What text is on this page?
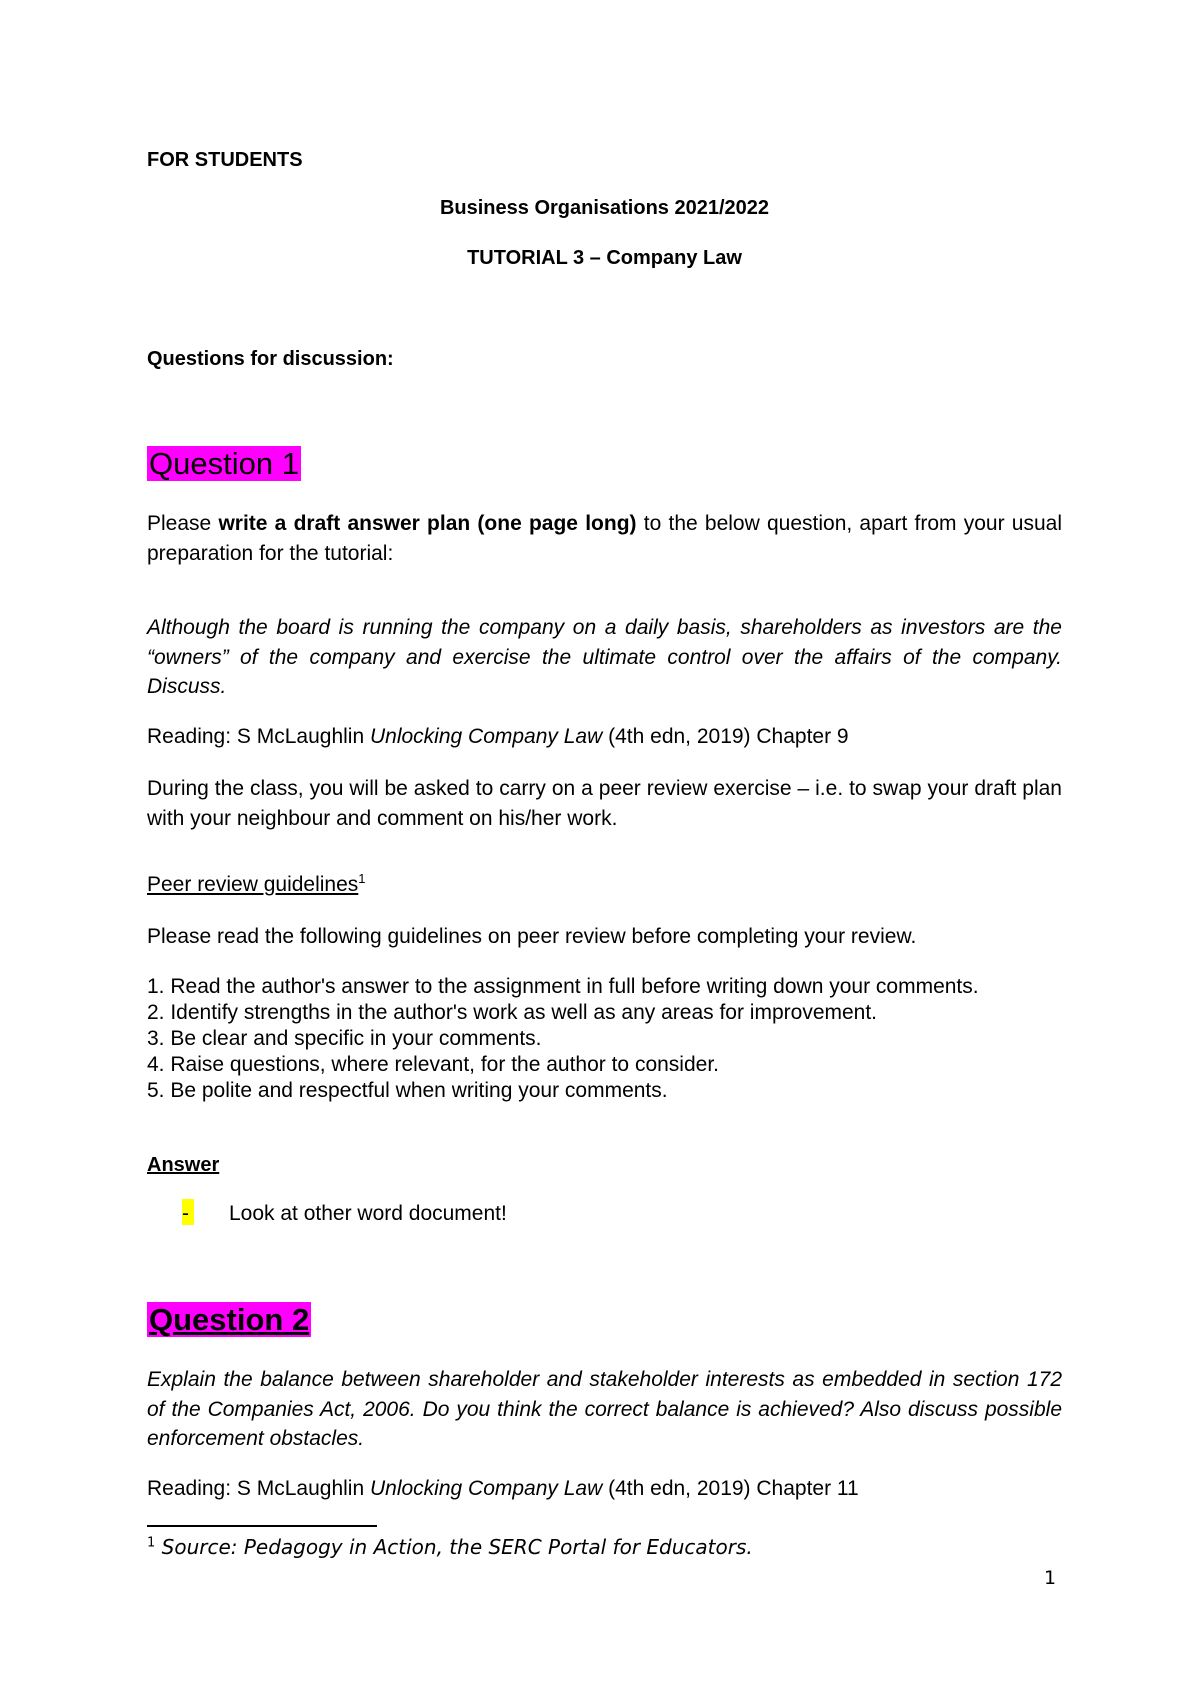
FOR STUDENTS
Business Organisations 2021/2022
TUTORIAL 3 – Company Law
Questions for discussion:
Question 1
Please write a draft answer plan (one page long) to the below question, apart from your usual preparation for the tutorial:
Although the board is running the company on a daily basis, shareholders as investors are the “owners” of the company and exercise the ultimate control over the affairs of the company. Discuss.
Reading: S McLaughlin Unlocking Company Law (4th edn, 2019) Chapter 9
During the class, you will be asked to carry on a peer review exercise – i.e. to swap your draft plan with your neighbour and comment on his/her work.
Peer review guidelines$^1$
Please read the following guidelines on peer review before completing your review.
1. Read the author's answer to the assignment in full before writing down your comments.
2. Identify strengths in the author's work as well as any areas for improvement.
3. Be clear and specific in your comments.
4. Raise questions, where relevant, for the author to consider.
5. Be polite and respectful when writing your comments.
Answer
- Look at other word document!
Question 2
Explain the balance between shareholder and stakeholder interests as embedded in section 172 of the Companies Act, 2006. Do you think the correct balance is achieved? Also discuss possible enforcement obstacles.
Reading: S McLaughlin Unlocking Company Law (4th edn, 2019) Chapter 11
$^1$ Source: Pedagogy in Action, the SERC Portal for Educators.
1
